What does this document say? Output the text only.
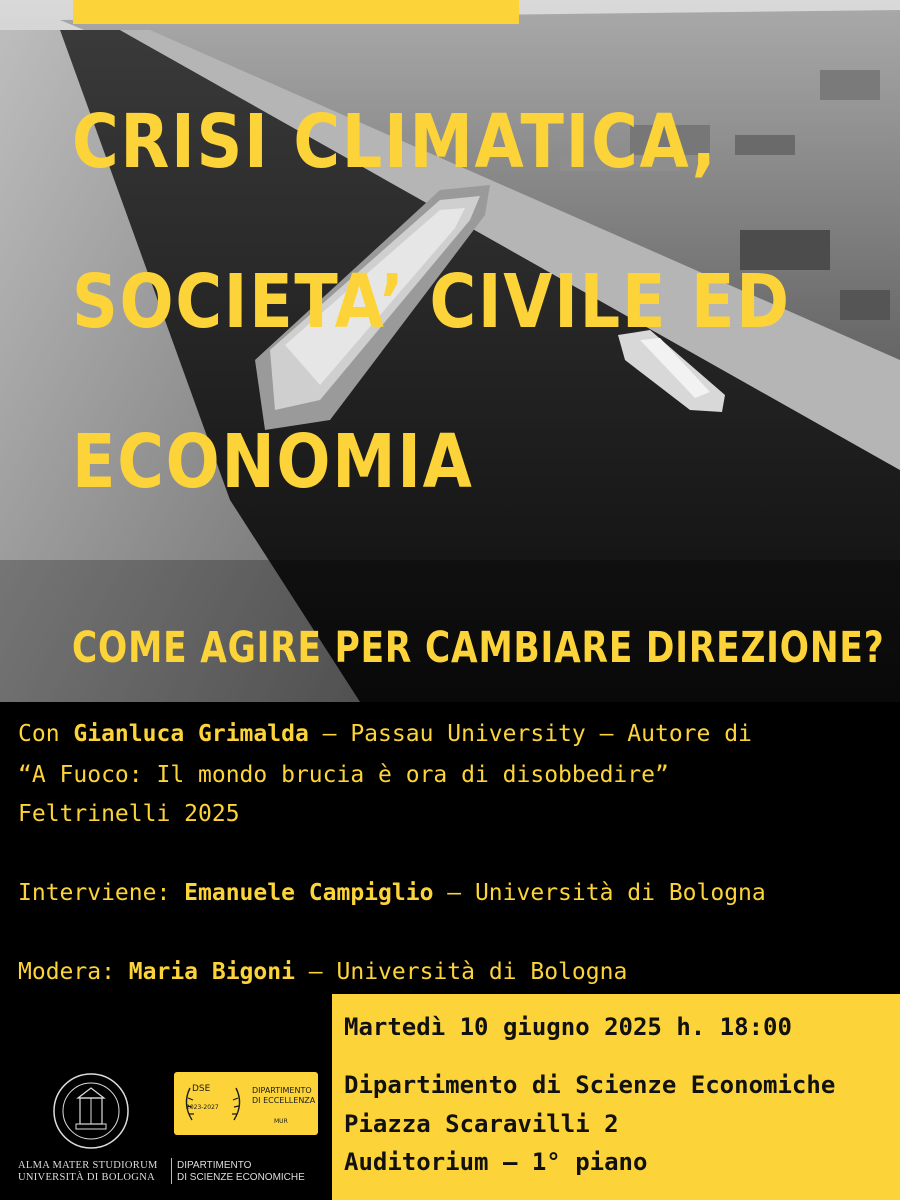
CRISI CLIMATICA,
SOCIETA’ CIVILE ED
ECONOMIA
COME AGIRE PER CAMBIARE DIREZIONE?
Con Gianluca Grimalda – Passau University – Autore di
“A Fuoco: Il mondo brucia è ora di disobbedire”
Feltrinelli 2025
Interviene: Emanuele Campiglio – Università di Bologna
Modera: Maria Bigoni – Università di Bologna
Martedì 10 giugno 2025 h. 18:00
Dipartimento di Scienze Economiche
Piazza Scaravilli 2
Auditorium – 1° piano
DSE
2023-2027
DIPARTIMENTO
DI ECCELLENZA
MUR
ALMA MATER STUDIORUM
UNIVERSITÀ DI BOLOGNA
DIPARTIMENTO
DI SCIENZE ECONOMICHE
